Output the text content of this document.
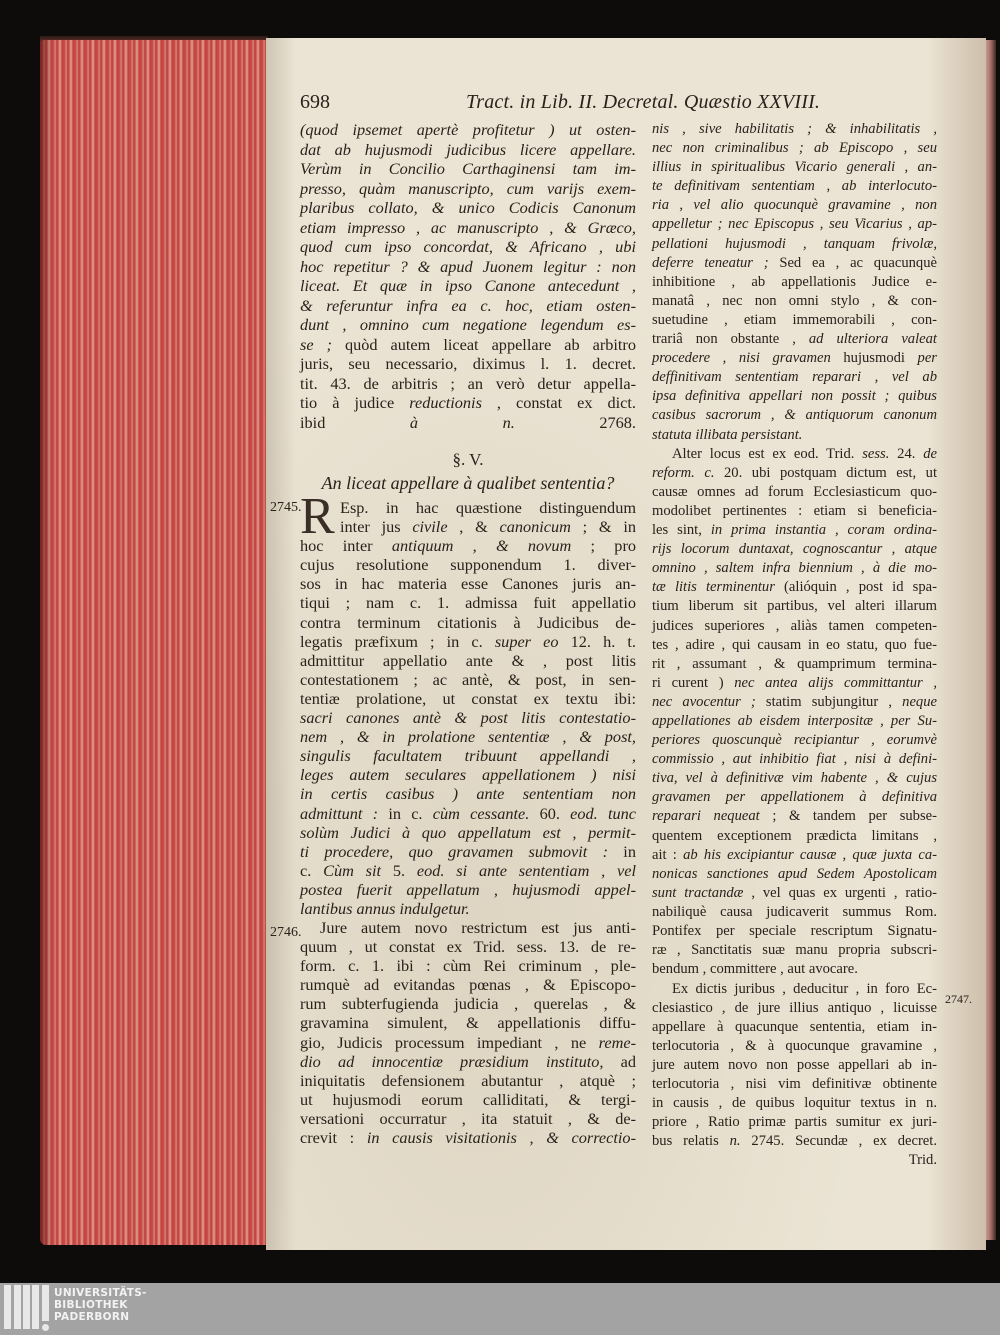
698	Tract. in Lib. II. Decretal. Quæstio XXVIII.
(quod ipsemet apertè profitetur ) ut osten-
dat ab hujusmodi judicibus licere appellare.
Verùm in Concilio Carthaginensi tam im-
presso, quàm manuscripto, cum varijs exem-
plaribus collato, & unico Codicis Canonum
etiam impresso , ac manuscripto , & Græco,
quod cum ipso concordat, & Africano , ubi
hoc repetitur ? & apud Juonem legitur : non
liceat. Et quæ in ipso Canone antecedunt ,
& referuntur infra ea c. hoc, etiam osten-
dunt , omnino cum negatione legendum es-
se ; quòd autem liceat appellare ab arbitro
juris, seu necessario, diximus l. 1. decret.
tit. 43. de arbitris ; an verò detur appella-
tio à judice reductionis , constat ex dict.
ibid à n. 2768.
§. V.
An liceat appellare à qualibet sententia?
2745.
R Esp. in hac quæstione distinguendum
inter jus civile , & canonicum ; & in
hoc inter antiquum , & novum ; pro
cujus resolutione supponendum 1. diver-
sos in hac materia esse Canones juris an-
tiqui ; nam c. 1. admissa fuit appellatio
contra terminum citationis à Judicibus de-
legatis præfixum ; in c. super eo 12. h. t.
admittitur appellatio ante & , post litis
contestationem ; ac antè, & post, in sen-
tentiæ prolatione, ut constat ex textu ibi:
sacri canones antè & post litis contestatio-
nem , & in prolatione sententiæ , & post,
singulis facultatem tribuunt appellandi ,
leges autem seculares appellationem ) nisi
in certis casibus ) ante sententiam non
admittunt : in c. cùm cessante. 60. eod. tunc
solùm Judici à quo appellatum est , permit-
ti procedere, quo gravamen submovit : in
c. Cùm sit 5. eod. si ante sententiam , vel
postea fuerit appellatum , hujusmodi appel-
lantibus annus indulgetur.
2746.	Jure autem novo restrictum est jus anti-
quum , ut constat ex Trid. sess. 13. de re-
form. c. 1. ibi : cùm Rei criminum , ple-
rumquè ad evitandas pœnas , & Episcopo-
rum subterfugienda judicia , querelas , &
gravamina simulent, & appellationis diffu-
gio, Judicis processum impediant , ne reme-
dio ad innocentiæ præsidium instituto, ad
iniquitatis defensionem abutantur , atquè ;
ut hujusmodi eorum calliditati, & tergi-
versationi occurratur , ita statuit , & de-
crevit : in causis visitationis , & correctio-
nis , sive habilitatis ; & inhabilitatis ,
nec non criminalibus ; ab Episcopo , seu
illius in spiritualibus Vicario generali , an-
te definitivam sententiam , ab interlocuto-
ria , vel alio quocunquè gravamine , non
appelletur ; nec Episcopus , seu Vicarius , ap-
pellationi hujusmodi , tanquam frivolæ,
deferre teneatur ; Sed ea , ac quacunquè
inhibitione , ab appellationis Judice e-
manatâ , nec non omni stylo , & con-
suetudine , etiam immemorabili , con-
trariâ non obstante , ad ulteriora valeat
procedere , nisi gravamen hujusmodi per
deffinitivam sententiam reparari , vel ab
ipsa definitiva appellari non possit ; quibus
casibus sacrorum , & antiquorum canonum
statuta illibata persistant.
Alter locus est ex eod. Trid. sess. 24. de
reform. c. 20. ubi postquam dictum est, ut
causæ omnes ad forum Ecclesiasticum quo-
modolibet pertinentes : etiam si beneficia-
les sint, in prima instantia , coram ordina-
rijs locorum duntaxat, cognoscantur , atque
omnino , saltem infra biennium , à die mo-
tæ litis terminentur (alióquin , post id spa-
tium liberum sit partibus, vel alteri illarum
judices superiores , aliàs tamen competen-
tes , adire , qui causam in eo statu, quo fue-
rit , assumant , & quamprimum termina-
ri curent ) nec antea alijs committantur ,
nec avocentur ; statim subjungitur , neque
appellationes ab eisdem interpositæ , per Su-
periores quoscunquè recipiantur , eorumvè
commissio , aut inhibitio fiat , nisi à defini-
tiva, vel à definitivæ vim habente , & cujus
gravamen per appellationem à definitiva
reparari nequeat ; & tandem per subse-
quentem exceptionem prædicta limitans ,
ait : ab his excipiantur causæ , quæ juxta ca-
nonicas sanctiones apud Sedem Apostolicam
sunt tractandæ , vel quas ex urgenti , ratio-
nabiliquè causa judicaverit summus Rom.
Pontifex per speciale rescriptum Signatu-
ræ , Sanctitatis suæ manu propria subscri-
bendum , committere , aut avocare.
Ex dictis juribus , deducitur , in foro Ec-
clesiastico , de jure illius antiquo , licuisse
appellare à quacunque sententia, etiam in-
terlocutoria , & à quocunque gravamine ,
jure autem novo non posse appellari ab in-
terlocutoria , nisi vim definitivæ obtinente
in causis , de quibus loquitur textus in n.
priore , Ratio primæ partis sumitur ex juri-
bus relatis n. 2745. Secundæ , ex decret.
Trid.
2747.
UNIVERSITÄTS-
BIBLIOTHEK
PADERBORN
